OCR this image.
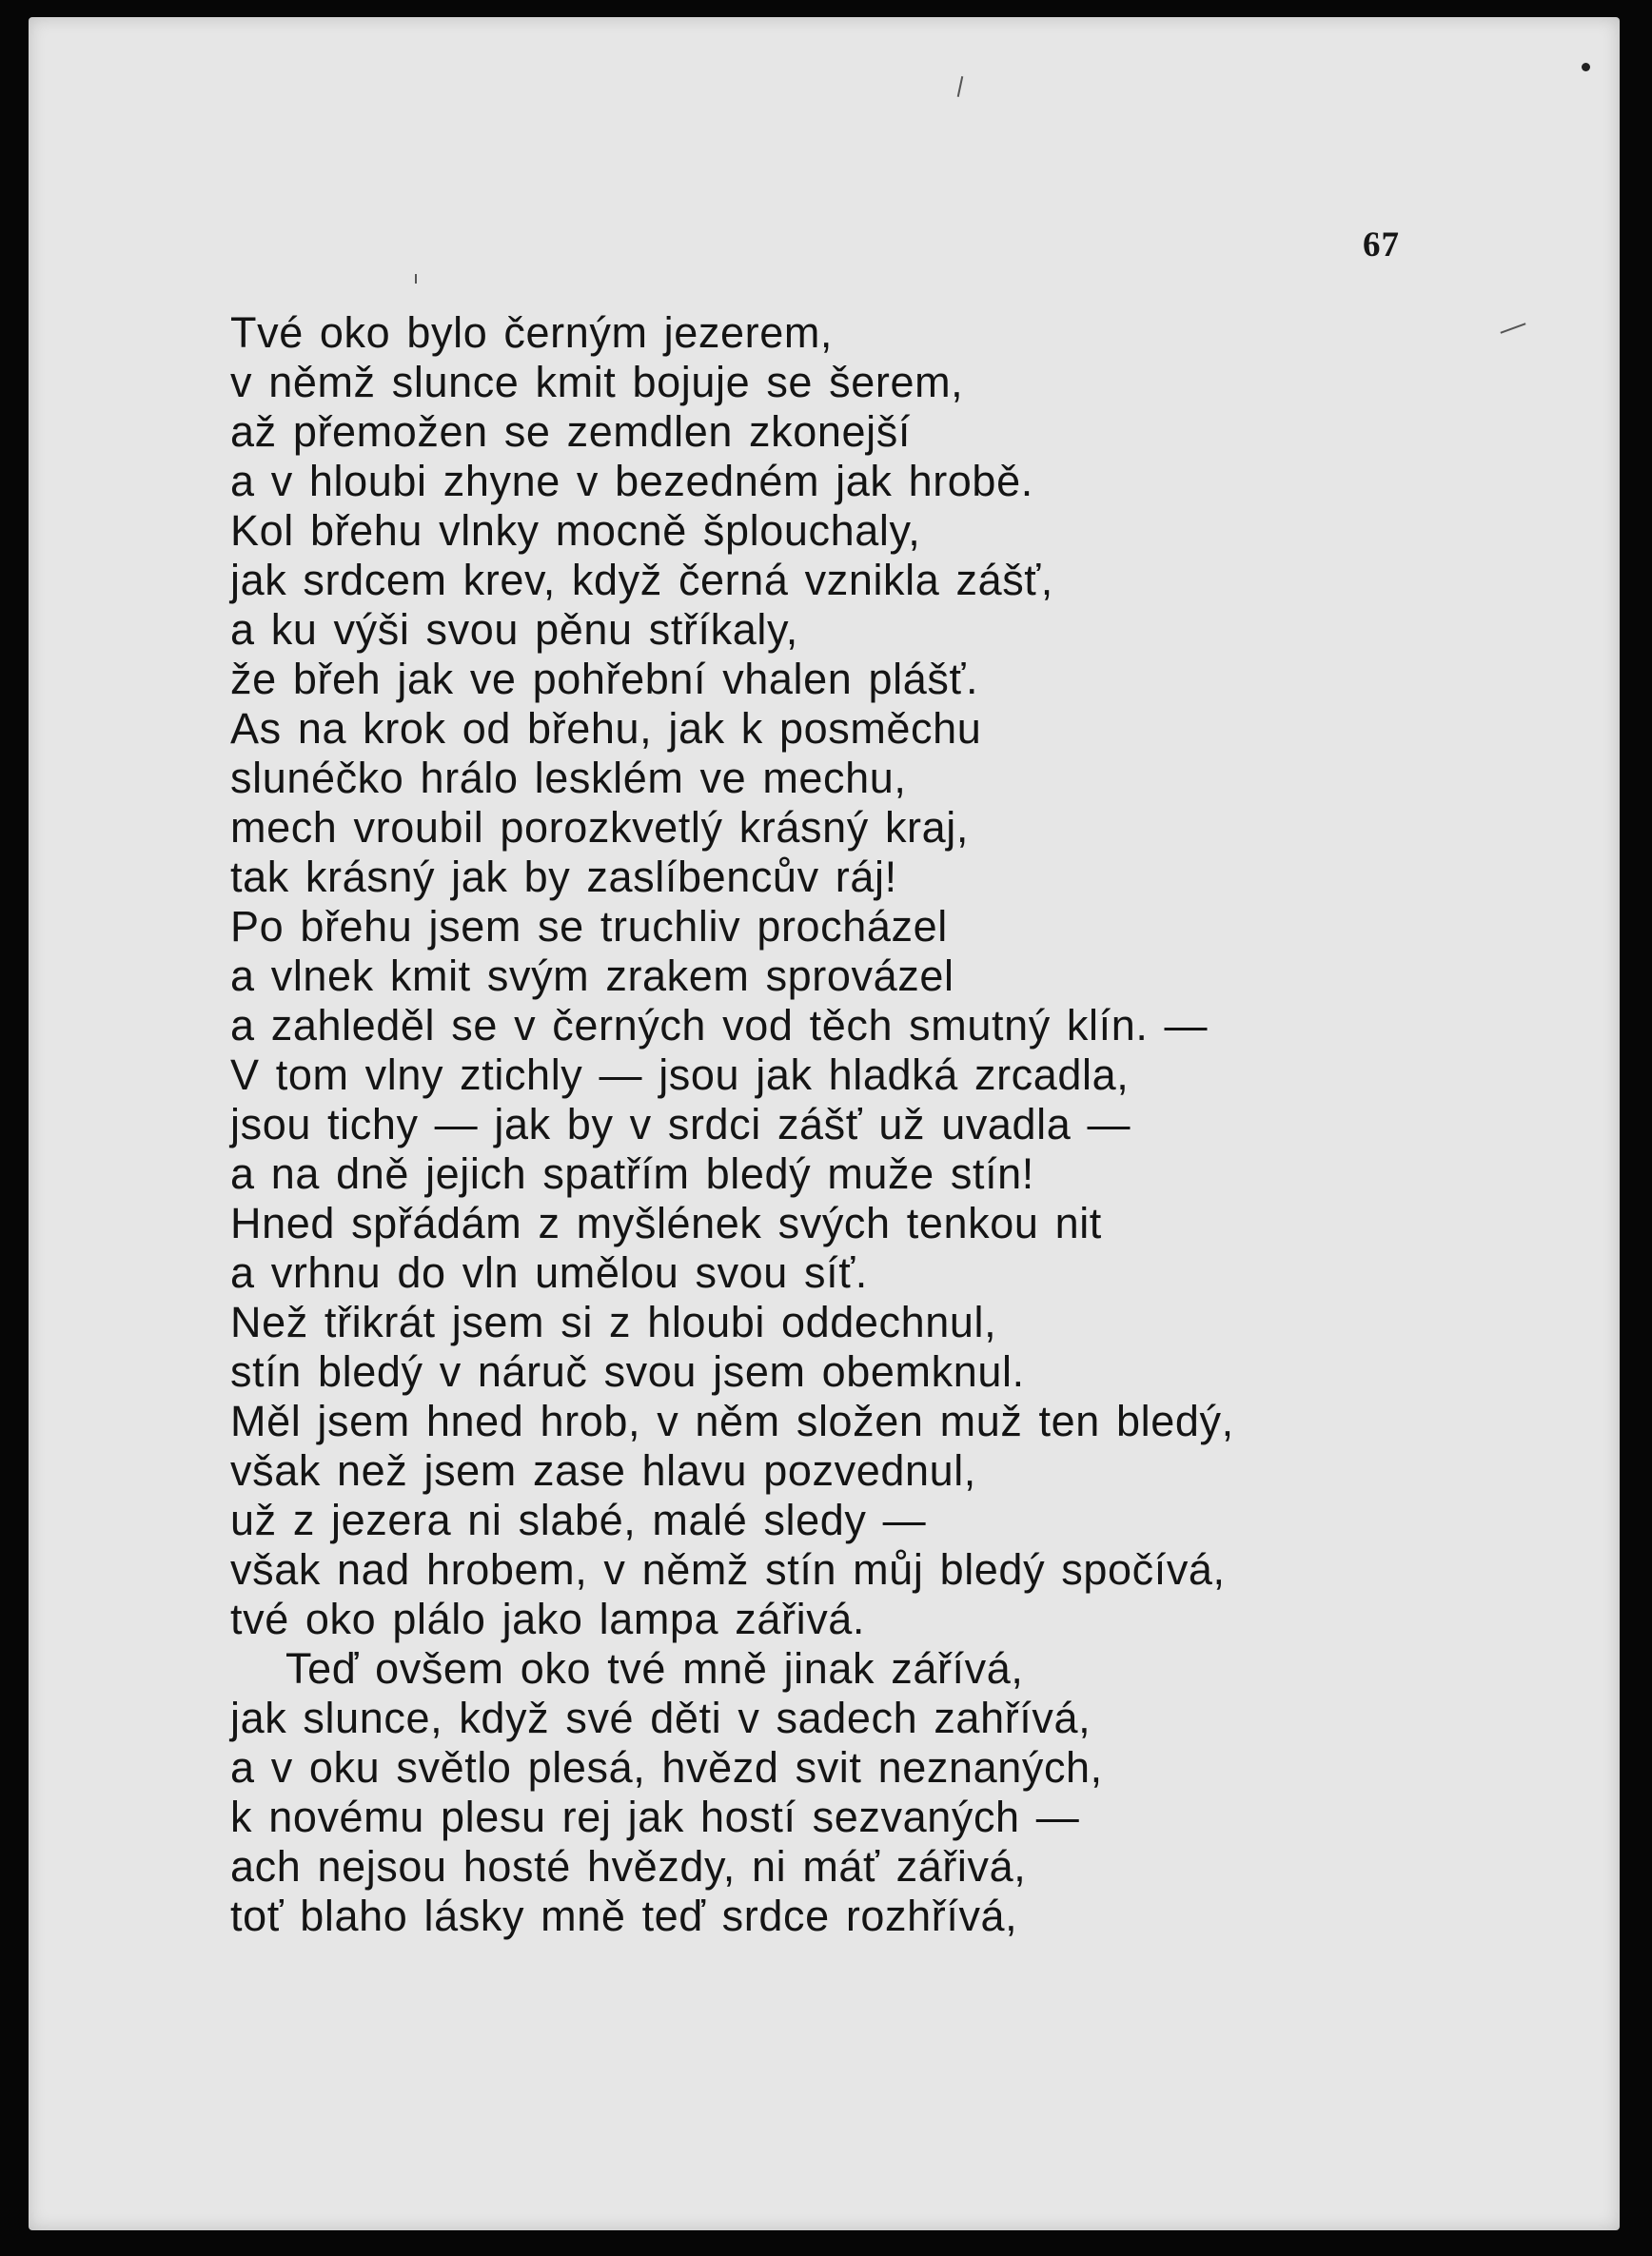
67
Tvé oko bylo černým jezerem,
v němž slunce kmit bojuje se šerem,
až přemožen se zemdlen zkonejší
a v hloubi zhyne v bezedném jak hrobě.
Kol břehu vlnky mocně šplouchaly,
jak srdcem krev, když černá vznikla zášť,
a ku výši svou pěnu stříkaly,
že břeh jak ve pohřební vhalen plášť.
As na krok od břehu, jak k posměchu
slunéčko hrálo lesklém ve mechu,
mech vroubil porozkvetlý krásný kraj,
tak krásný jak by zaslíbencův ráj!
Po břehu jsem se truchliv procházel
a vlnek kmit svým zrakem sprovázel
a zahleděl se v černých vod těch smutný klín. —
V tom vlny ztichly — jsou jak hladká zrcadla,
jsou tichy — jak by v srdci zášť už uvadla —
a na dně jejich spatřím bledý muže stín!
Hned spřádám z myšlének svých tenkou nit
a vrhnu do vln umělou svou síť.
Než třikrát jsem si z hloubi oddechnul,
stín bledý v náruč svou jsem obemknul.
Měl jsem hned hrob, v něm složen muž ten bledý,
však než jsem zase hlavu pozvednul,
už z jezera ni slabé, malé sledy —
však nad hrobem, v němž stín můj bledý spočívá,
tvé oko plálo jako lampa zářivá.
Teď ovšem oko tvé mně jinak zářívá,
jak slunce, když své děti v sadech zahřívá,
a v oku světlo plesá, hvězd svit neznaných,
k novému plesu rej jak hostí sezvaných —
ach nejsou hosté hvězdy, ni máť zářivá,
toť blaho lásky mně teď srdce rozhřívá,
